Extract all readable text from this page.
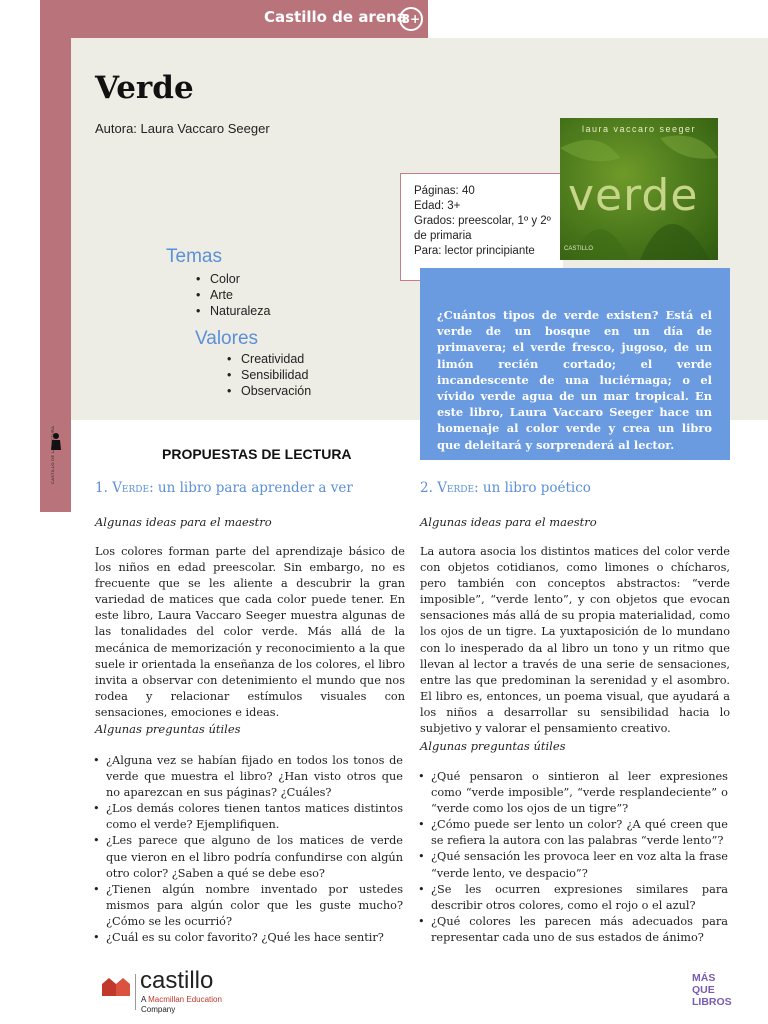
Castillo de arena
3+
Verde
Autora: Laura Vaccaro Seeger
Páginas: 40
Edad: 3+
Grados: preescolar, 1º y 2º
de primaria
Para: lector principiante
laura vaccaro seeger
verde
CASTILLO

¿Cuántos tipos de verde existen? Está el verde de un bosque en un día de primavera; el verde fresco, jugoso, de un limón recién cortado; el verde incandescente de una luciérnaga; o el vívido verde agua de un mar tropical. En este libro, Laura Vaccaro Seeger hace un homenaje al color verde y crea un libro que deleitará y sorprenderá al lector.

Temas
• Color
• Arte
• Naturaleza
Valores
• Creatividad
• Sensibilidad
• Observación
CASTILLO DE LA LECTURA	PROPUESTAS DE LECTURA
1. Verde: un libro para aprender a ver	2. Verde: un libro poético
Algunas ideas para el maestro	Algunas ideas para el maestro

Los colores forman parte del aprendizaje básico de los niños en edad preescolar. Sin embargo, no es frecuente que se les aliente a descubrir la gran variedad de matices que cada color puede tener. En este libro, Laura Vaccaro Seeger muestra algunas de las tonalidades del color verde. Más allá de la mecánica de memorización y reconocimiento a la que suele ir orientada la enseñanza de los colores, el libro invita a observar con detenimiento el mundo que nos rodea y relacionar estímulos visuales con sensaciones, emociones e ideas.

La autora asocia los distintos matices del color verde con objetos cotidianos, como limones o chícharos, pero también con conceptos abstractos: “verde imposible”, “verde lento”, y con objetos que evocan sensaciones más allá de su propia materialidad, como los ojos de un tigre. La yuxtaposición de lo mundano con lo inesperado da al libro un tono y un ritmo que llevan al lector a través de una serie de sensaciones, entre las que predominan la serenidad y el asombro. El libro es, entonces, un poema visual, que ayudará a los niños a desarrollar su sensibilidad hacia lo subjetivo y valorar el pensamiento creativo.

Algunas preguntas útiles
Algunas preguntas útiles
• ¿Alguna vez se habían fijado en todos los tonos de verde que muestra el libro? ¿Han visto otros que no aparezcan en sus páginas? ¿Cuáles?
• ¿Los demás colores tienen tantos matices distintos como el verde? Ejemplifiquen.
• ¿Les parece que alguno de los matices de verde que vieron en el libro podría confundirse con algún otro color? ¿Saben a qué se debe eso?
• ¿Tienen algún nombre inventado por ustedes mismos para algún color que les guste mucho? ¿Cómo se les ocurrió?
• ¿Cuál es su color favorito? ¿Qué les hace sentir?
• ¿Qué pensaron o sintieron al leer expresiones como “verde imposible”, “verde resplandeciente” o “verde como los ojos de un tigre”?
• ¿Cómo puede ser lento un color? ¿A qué creen que se refiera la autora con las palabras “verde lento”?
• ¿Qué sensación les provoca leer en voz alta la frase “verde lento, ve despacio”?
• ¿Se les ocurren expresiones similares para describir otros colores, como el rojo o el azul?
• ¿Qué colores les parecen más adecuados para representar cada uno de sus estados de ánimo?
castillo
A Macmillan Education
Company
MÁS
QUE
LIBROS
